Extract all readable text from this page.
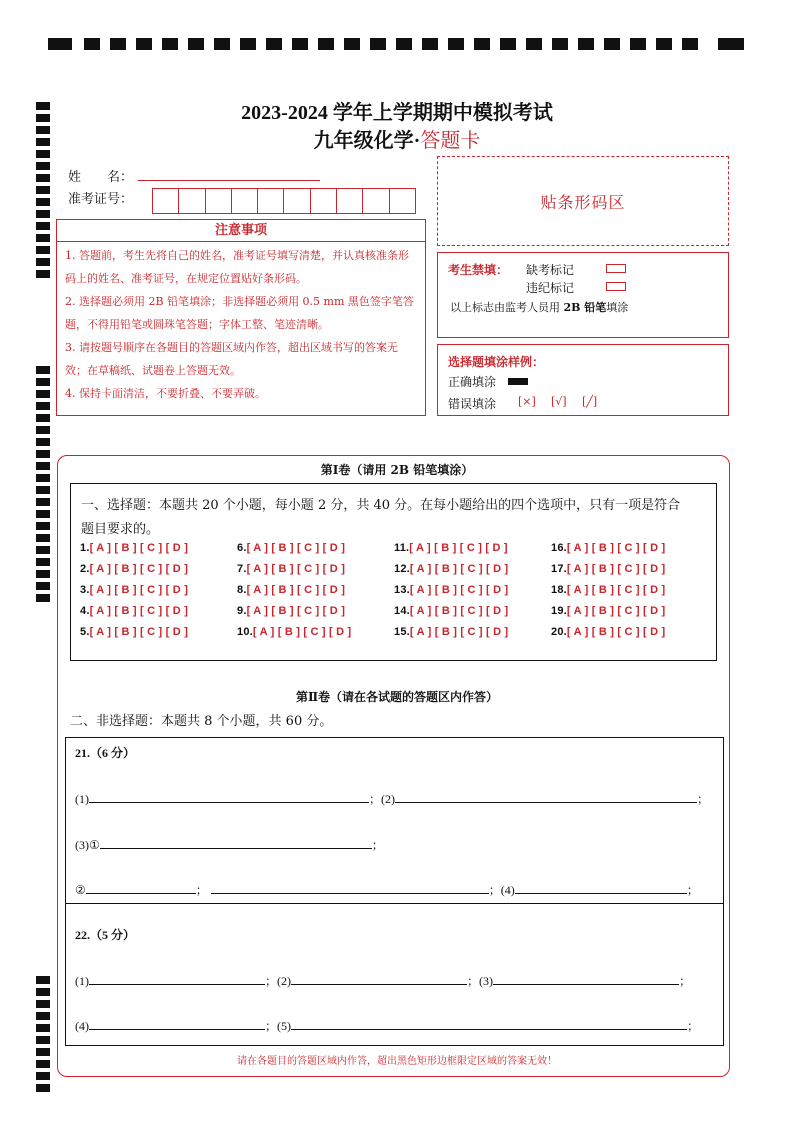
2023-2024 学年上学期期中模拟考试
九年级化学·答题卡
姓　　名：
准考证号：	贴条形码区
注意事项
1. 答题前，考生先将自己的姓名，准考证号填写清楚，并认真核准条形码上的姓名、准考证号，在规定位置贴好条形码。
2. 选择题必须用 2B 铅笔填涂；非选择题必须用 0.5 mm 黑色签字笔答题，不得用铅笔或圆珠笔答题；字体工整、笔迹清晰。
3. 请按题号顺序在各题目的答题区域内作答，超出区域书写的答案无效；在草稿纸、试题卷上答题无效。
4. 保持卡面清洁，不要折叠、不要弄破。
考生禁填： 缺考标记
违纪标记
以上标志由监考人员用 2B 铅笔填涂
选择题填涂样例：
正确填涂
错误填涂 [×] [√] [╱]
第Ⅰ卷（请用 2B 铅笔填涂）
一、选择题：本题共 20 个小题，每小题 2 分，共 40 分。在每小题给出的四个选项中，只有一项是符合
题目要求的。
1.[ A ] [ B ] [ C ] [ D ]
2.[ A ] [ B ] [ C ] [ D ]
3.[ A ] [ B ] [ C ] [ D ]
4.[ A ] [ B ] [ C ] [ D ]
5.[ A ] [ B ] [ C ] [ D ]
6.[ A ] [ B ] [ C ] [ D ]
7.[ A ] [ B ] [ C ] [ D ]
8.[ A ] [ B ] [ C ] [ D ]
9.[ A ] [ B ] [ C ] [ D ]
10.[ A ] [ B ] [ C ] [ D ]
11.[ A ] [ B ] [ C ] [ D ]
12.[ A ] [ B ] [ C ] [ D ]
13.[ A ] [ B ] [ C ] [ D ]
14.[ A ] [ B ] [ C ] [ D ]
15.[ A ] [ B ] [ C ] [ D ]
16.[ A ] [ B ] [ C ] [ D ]
17.[ A ] [ B ] [ C ] [ D ]
18.[ A ] [ B ] [ C ] [ D ]
19.[ A ] [ B ] [ C ] [ D ]
20.[ A ] [ B ] [ C ] [ D ]
第Ⅱ卷（请在各试题的答题区内作答）
二、非选择题：本题共 8 个小题，共 60 分。
21.（6 分）
(1)	；(2)	；
(3)①	；
②	；	；(4)	；
22.（5 分）
(1)	；(2)	；(3)	；
(4)	；(5)	；
请在各题目的答题区域内作答，超出黑色矩形边框限定区域的答案无效！
